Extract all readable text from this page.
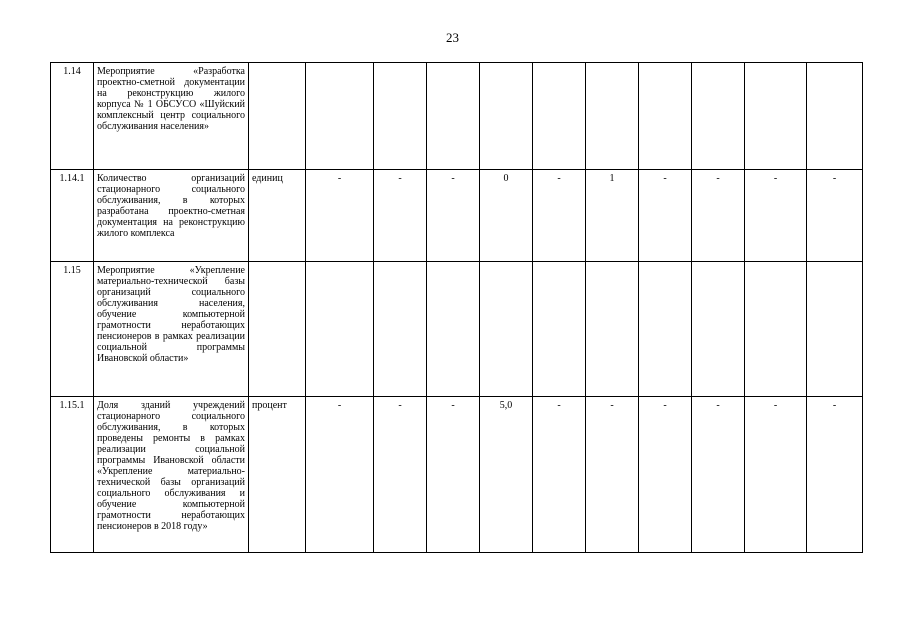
23
1.14	Мероприятие «Разработка проектно-сметной документации на реконструкцию жилого корпуса № 1 ОБСУСО «Шуйский комплексный центр социального обслуживания населения»											
1.14.1	Количество организаций стационарного социального обслуживания, в которых разработана проектно-сметная документация на реконструкцию жилого комплекса	единиц	-	-	-	0	-	1	-	-	-	-
1.15	Мероприятие «Укрепление материально-технической базы организаций социального обслуживания населения, обучение компьютерной грамотности неработающих пенсионеров в рамках реализации социальной программы Ивановской области»											
1.15.1	Доля зданий учреждений стационарного социального обслуживания, в которых проведены ремонты в рамках реализации социальной программы Ивановской области «Укрепление материально-технической базы организаций социального обслуживания и обучение компьютерной грамотности неработающих пенсионеров в 2018 году»	процент	-	-	-	5,0	-	-	-	-	-	-
